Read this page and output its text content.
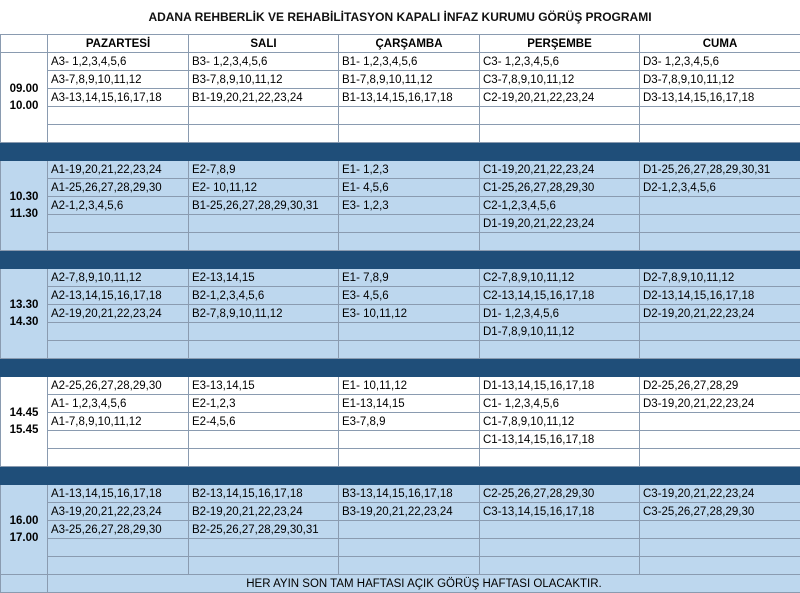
ADANA REHBERLİK VE REHABİLİTASYON KAPALI İNFAZ KURUMU GÖRÜŞ PROGRAMI
	PAZARTESİ	SALI	ÇARŞAMBA	PERŞEMBE	CUMA

09.00
10.00	A3- 1,2,3,4,5,6	B3- 1,2,3,4,5,6	B1- 1,2,3,4,5,6	C3- 1,2,3,4,5,6	D3- 1,2,3,4,5,6
	A3-7,8,9,10,11,12	B3-7,8,9,10,11,12	B1-7,8,9,10,11,12	C3-7,8,9,10,11,12	D3-7,8,9,10,11,12
	A3-13,14,15,16,17,18	B1-19,20,21,22,23,24	B1-13,14,15,16,17,18	C2-19,20,21,22,23,24	D3-13,14,15,16,17,18

10.30
11.30	A1-19,20,21,22,23,24	E2-7,8,9	E1- 1,2,3	C1-19,20,21,22,23,24	D1-25,26,27,28,29,30,31
	A1-25,26,27,28,29,30	E2- 10,11,12	E1- 4,5,6	C1-25,26,27,28,29,30	D2-1,2,3,4,5,6
	A2-1,2,3,4,5,6	B1-25,26,27,28,29,30,31	E3- 1,2,3	C2-1,2,3,4,5,6	
				D1-19,20,21,22,23,24	

13.30
14.30	A2-7,8,9,10,11,12	E2-13,14,15	E1- 7,8,9	C2-7,8,9,10,11,12	D2-7,8,9,10,11,12
	A2-13,14,15,16,17,18	B2-1,2,3,4,5,6	E3- 4,5,6	C2-13,14,15,16,17,18	D2-13,14,15,16,17,18
	A2-19,20,21,22,23,24	B2-7,8,9,10,11,12	E3- 10,11,12	D1- 1,2,3,4,5,6	D2-19,20,21,22,23,24
				D1-7,8,9,10,11,12	

14.45
15.45	A2-25,26,27,28,29,30	E3-13,14,15	E1- 10,11,12	D1-13,14,15,16,17,18	D2-25,26,27,28,29
	A1- 1,2,3,4,5,6	E2-1,2,3	E1-13,14,15	C1- 1,2,3,4,5,6	D3-19,20,21,22,23,24
	A1-7,8,9,10,11,12	E2-4,5,6	E3-7,8,9	C1-7,8,9,10,11,12	
				C1-13,14,15,16,17,18	

16.00
17.00	A1-13,14,15,16,17,18	B2-13,14,15,16,17,18	B3-13,14,15,16,17,18	C2-25,26,27,28,29,30	C3-19,20,21,22,23,24
	A3-19,20,21,22,23,24	B2-19,20,21,22,23,24	B3-19,20,21,22,23,24	C3-13,14,15,16,17,18	C3-25,26,27,28,29,30
	A3-25,26,27,28,29,30	B2-25,26,27,28,29,30,31			

	HER AYIN SON TAM HAFTASI AÇIK GÖRÜŞ HAFTASI OLACAKTIR.				
